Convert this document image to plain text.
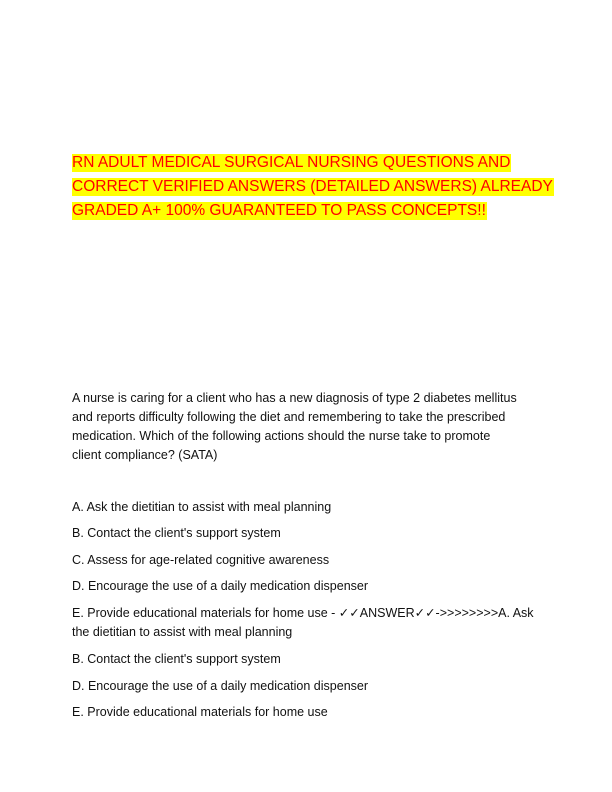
RN ADULT MEDICAL SURGICAL NURSING QUESTIONS AND
CORRECT VERIFIED ANSWERS (DETAILED ANSWERS) ALREADY
GRADED A+ 100% GUARANTEED TO PASS CONCEPTS!!
A nurse is caring for a client who has a new diagnosis of type 2 diabetes mellitus
and reports difficulty following the diet and remembering to take the prescribed
medication. Which of the following actions should the nurse take to promote
client compliance? (SATA)
A. Ask the dietitian to assist with meal planning
B. Contact the client's support system
C. Assess for age-related cognitive awareness
D. Encourage the use of a daily medication dispenser
E. Provide educational materials for home use - ✓✓ANSWER✓✓->>>>>>>>A. Ask
the dietitian to assist with meal planning
B. Contact the client's support system
D. Encourage the use of a daily medication dispenser
E. Provide educational materials for home use
